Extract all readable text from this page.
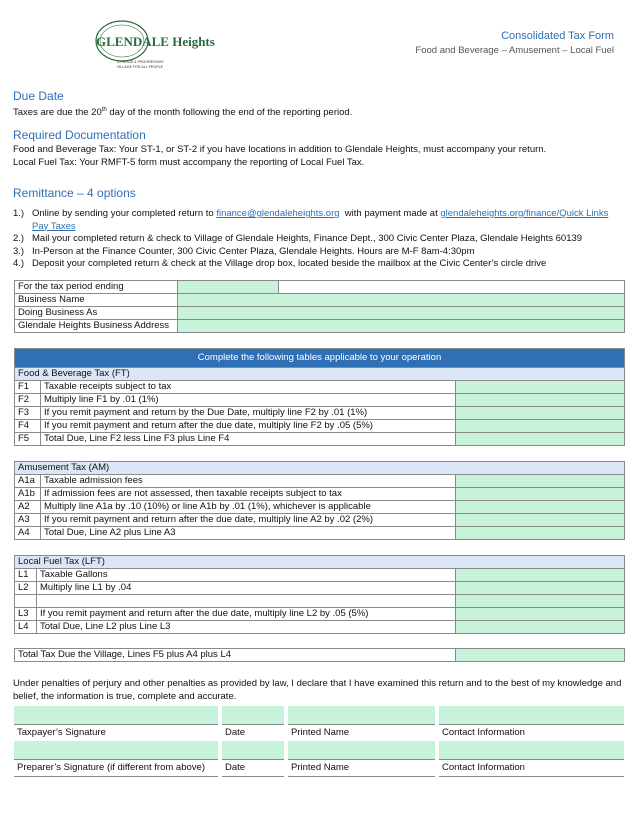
GLENDALE Heights
A PROUD & PROGRESSIVE
VILLAGE FOR ALL PEOPLE
Consolidated Tax Form
Food and Beverage – Amusement – Local Fuel
Due Date
Taxes are due the 20th day of the month following the end of the reporting period.
Required Documentation
Food and Beverage Tax: Your ST-1, or ST-2 if you have locations in addition to Glendale Heights, must accompany your return.
Local Fuel Tax: Your RMFT-5 form must accompany the reporting of Local Fuel Tax.
Remittance – 4 options
1.) Online by sending your completed return to finance@glendaleheights.org  with payment made at glendaleheights.org/finance/Quick Links
Pay Taxes
2.) Mail your completed return & check to Village of Glendale Heights, Finance Dept., 300 Civic Center Plaza, Glendale Heights 60139
3.) In-Person at the Finance Counter, 300 Civic Center Plaza, Glendale Heights. Hours are M-F 8am-4:30pm
4.) Deposit your completed return & check at the Village drop box, located beside the mailbox at the Civic Center’s circle drive
For the tax period ending		
Business Name		
Doing Business As		
Glendale Heights Business Address		
Complete the following tables applicable to your operation		
Food & Beverage Tax (FT)		
F1	Taxable receipts subject to tax	
F2	Multiply line F1 by .01 (1%)	
F3	If you remit payment and return by the Due Date, multiply line F2 by .01 (1%)	
F4	If you remit payment and return after the due date, multiply line F2 by .05 (5%)	
F5	Total Due, Line F2 less Line F3 plus Line F4	
Amusement Tax (AM)		
A1a	Taxable admission fees	
A1b	If admission fees are not assessed, then taxable receipts subject to tax	
A2	Multiply line A1a by .10 (10%) or line A1b by .01 (1%), whichever is applicable	
A3	If you remit payment and return after the due date, multiply line A2 by .02 (2%)	
A4	Total Due, Line A2 plus Line A3	
Local Fuel Tax (LFT)		
L1	Taxable Gallons	
L2	Multiply line L1 by .04	

L3	If you remit payment and return after the due date, multiply line L2 by .05 (5%)	
L4	Total Due, Line L2 plus Line L3	
Total Tax Due the Village, Lines F5 plus A4 plus L4	
Under penalties of perjury and other penalties as provided by law, I declare that I have examined this return and to the best of my knowledge and belief, the information is true, complete and accurate.

Taxpayer’s Signature	Date	Printed Name	Contact Information

Preparer’s Signature (if different from above)	Date	Printed Name	Contact Information
